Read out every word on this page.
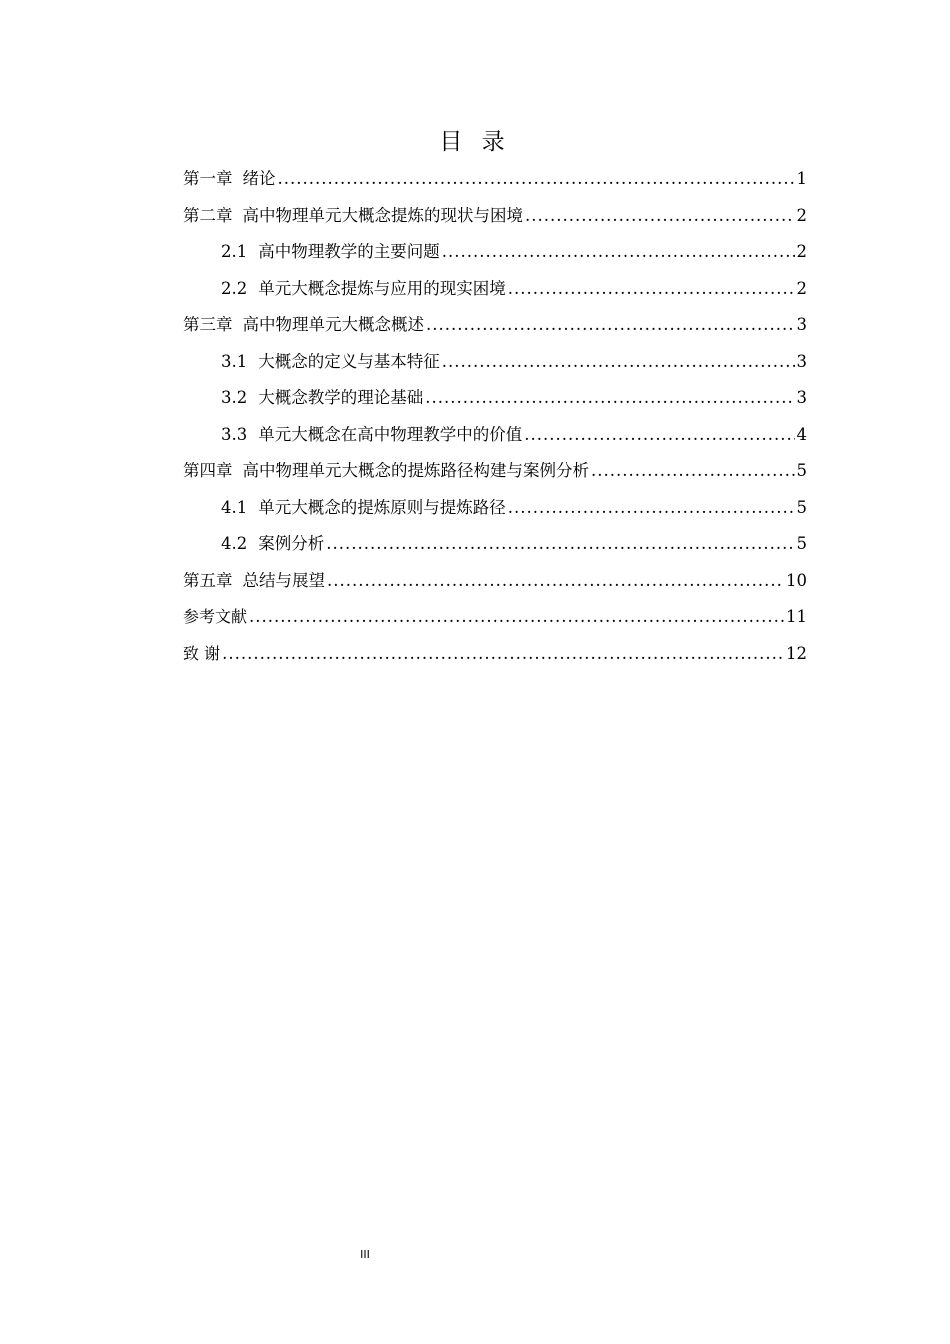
目 录
第一章 绪论 .....	1
第二章 高中物理单元大概念提炼的现状与困境 .....	2
2.1 高中物理教学的主要问题 .....	2
2.2 单元大概念提炼与应用的现实困境 .....	2
第三章 高中物理单元大概念概述 .....	3
3.1 大概念的定义与基本特征 .....	3
3.2 大概念教学的理论基础 .....	3
3.3 单元大概念在高中物理教学中的价值 .....	4
第四章 高中物理单元大概念的提炼路径构建与案例分析 .....	5
4.1 单元大概念的提炼原则与提炼路径 .....	5
4.2 案例分析 .....	5
第五章 总结与展望 .....	10
参考文献 .....	11
致 谢 .....	12
III
